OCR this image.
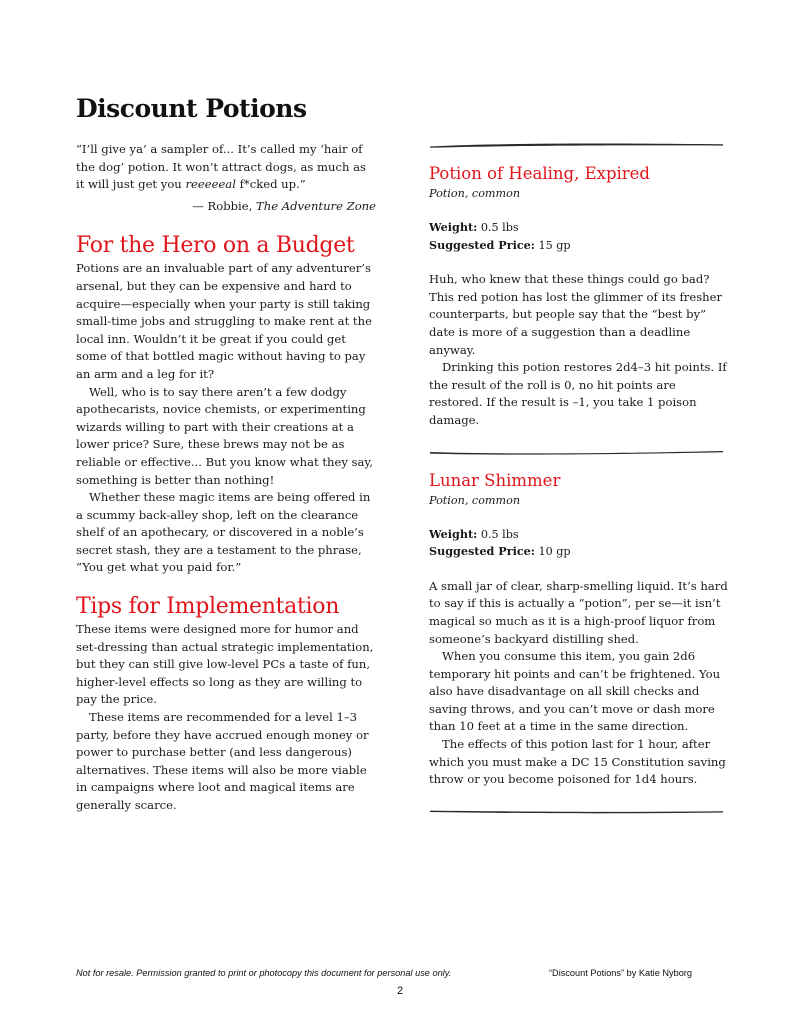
Discount Potions

“I’ll give ya’ a sampler of... It’s called my ‘hair of the dog’ potion. It won’t attract dogs, as much as it will just get you reeeeeal f*cked up.”

— Robbie, The Adventure Zone

For the Hero on a Budget

Potions are an invaluable part of any adventurer’s arsenal, but they can be expensive and hard to acquire—especially when your party is still taking small-time jobs and struggling to make rent at the local inn. Wouldn’t it be great if you could get some of that bottled magic without having to pay an arm and a leg for it?

Well, who is to say there aren’t a few dodgy apothecarists, novice chemists, or experimenting wizards willing to part with their creations at a lower price? Sure, these brews may not be as reliable or effective... But you know what they say, something is better than nothing!

Whether these magic items are being offered in a scummy back-alley shop, left on the clearance shelf of an apothecary, or discovered in a noble’s secret stash, they are a testament to the phrase, “You get what you paid for.”

Tips for Implementation

These items were designed more for humor and set-dressing than actual strategic implementation, but they can still give low-level PCs a taste of fun, higher-level effects so long as they are willing to pay the price.

These items are recommended for a level 1–3 party, before they have accrued enough money or power to purchase better (and less dangerous) alternatives. These items will also be more viable in campaigns where loot and magical items are generally scarce.

Potion of Healing, Expired

Potion, common

Weight: 0.5 lbs

Suggested Price: 15 gp

Huh, who knew that these things could go bad? This red potion has lost the glimmer of its fresher counterparts, but people say that the “best by” date is more of a suggestion than a deadline anyway.

Drinking this potion restores 2d4–3 hit points. If the result of the roll is 0, no hit points are restored. If the result is –1, you take 1 poison damage.

Lunar Shimmer

Potion, common

Weight: 0.5 lbs

Suggested Price: 10 gp

A small jar of clear, sharp-smelling liquid. It’s hard to say if this is actually a “potion”, per se—it isn’t magical so much as it is a high-proof liquor from someone’s backyard distilling shed.

When you consume this item, you gain 2d6 temporary hit points and can’t be frightened. You also have disadvantage on all skill checks and saving throws, and you can’t move or dash more than 10 feet at a time in the same direction.

The effects of this potion last for 1 hour, after which you must make a DC 15 Constitution saving throw or you become poisoned for 1d4 hours.

Not for resale. Permission granted to print or photocopy this document for personal use only.	“Discount Potions” by Katie Nyborg
2
